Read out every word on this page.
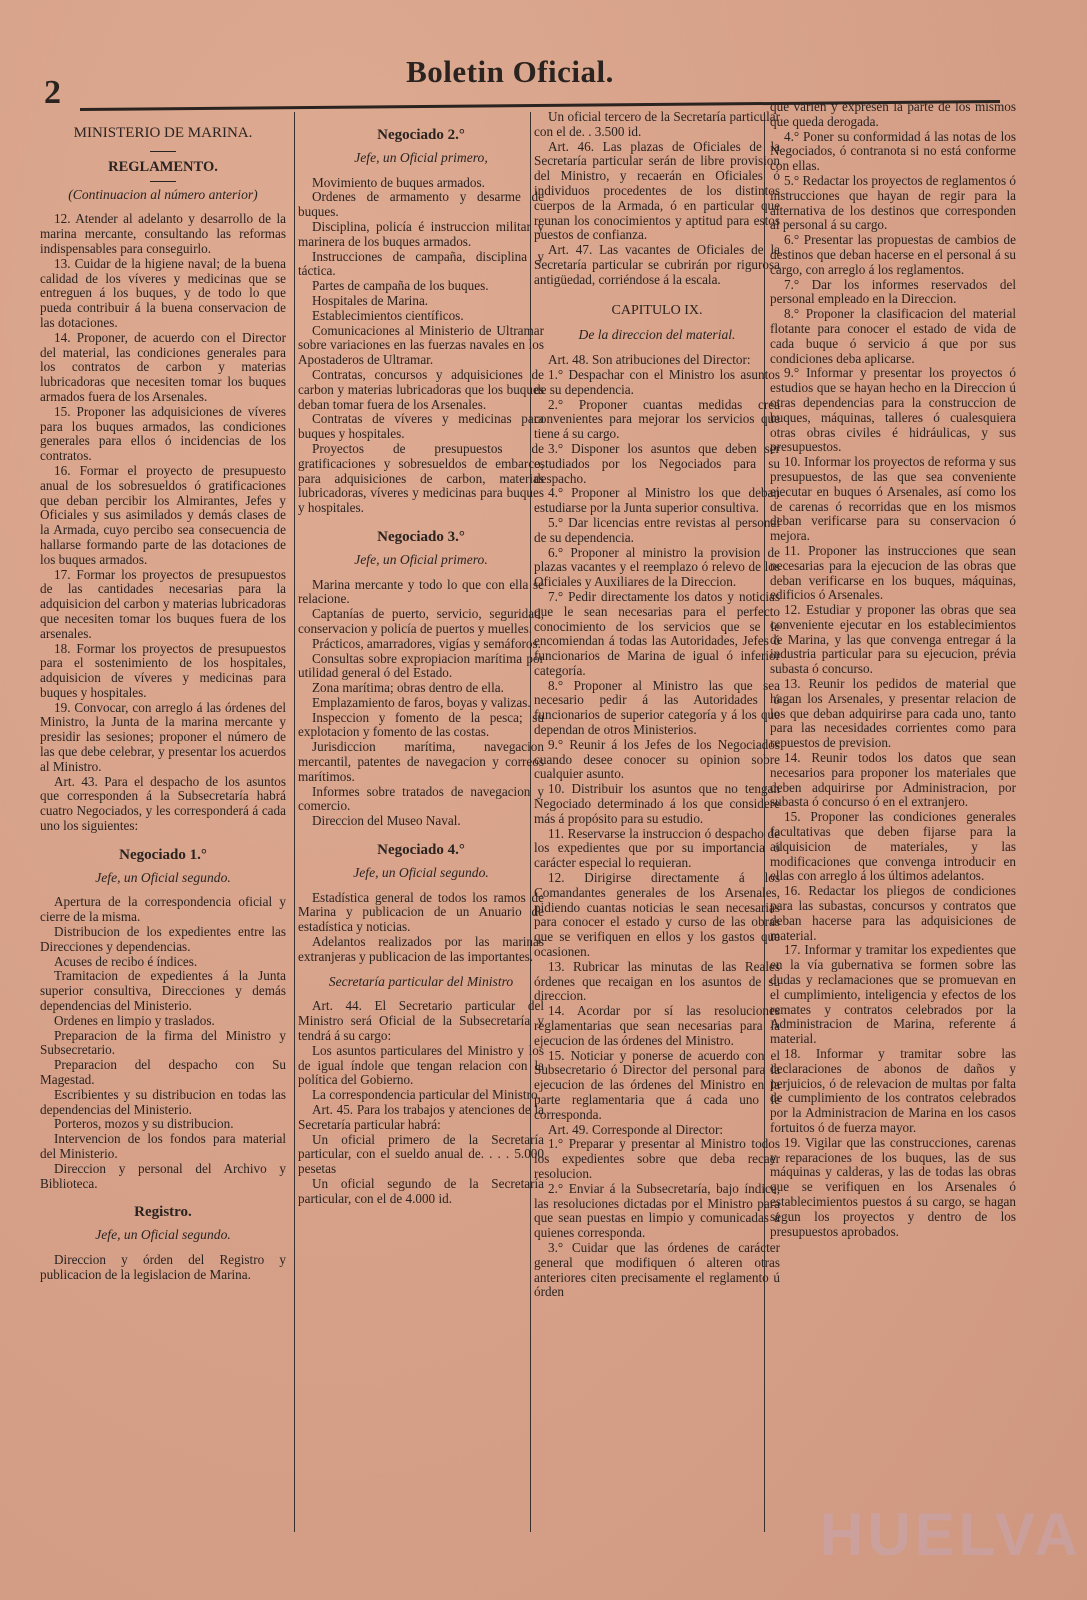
2
Boletin Oficial.
MINISTERIO DE MARINA.
REGLAMENTO.
(Continuacion al número anterior)

12. Atender al adelanto y desarrollo de la marina mercante, consultando las reformas indispensables para conseguirlo.

13. Cuidar de la higiene naval; de la buena calidad de los víveres y medicinas que se entreguen á los buques, y de todo lo que pueda contribuir á la buena conservacion de las dotaciones.

14. Proponer, de acuerdo con el Director del material, las condiciones generales para los contratos de carbon y materias lubricadoras que necesiten tomar los buques armados fuera de los Arsenales.

15. Proponer las adquisiciones de víveres para los buques armados, las condiciones generales para ellos ó incidencias de los contratos.

16. Formar el proyecto de presupuesto anual de los sobresueldos ó gratificaciones que deban percibir los Almirantes, Jefes y Oficiales y sus asimilados y demás clases de la Armada, cuyo percibo sea consecuencia de hallarse formando parte de las dotaciones de los buques armados.

17. Formar los proyectos de presupuestos de las cantidades necesarias para la adquisicion del carbon y materias lubricadoras que necesiten tomar los buques fuera de los arsenales.

18. Formar los proyectos de presupuestos para el sostenimiento de los hospitales, adquisicion de víveres y medicinas para buques y hospitales.

19. Convocar, con arreglo á las órdenes del Ministro, la Junta de la marina mercante y presidir las sesiones; proponer el número de las que debe celebrar, y presentar los acuerdos al Ministro.

Art. 43. Para el despacho de los asuntos que corresponden á la Subsecretaría habrá cuatro Negociados, y les corresponderá á cada uno los siguientes:

Negociado 1.°
Jefe, un Oficial segundo.

Apertura de la correspondencia oficial y cierre de la misma.

Distribucion de los expedientes entre las Direcciones y dependencias.

Acuses de recibo é índices.

Tramitacion de expedientes á la Junta superior consultiva, Direcciones y demás dependencias del Ministerio.

Ordenes en limpio y traslados.

Preparacion de la firma del Ministro y Subsecretario.

Preparacion del despacho con Su Magestad.

Escribientes y su distribucion en todas las dependencias del Ministerio.

Porteros, mozos y su distribucion.

Intervencion de los fondos para material del Ministerio.

Direccion y personal del Archivo y Biblioteca.

Registro.
Jefe, un Oficial segundo.

Direccion y órden del Registro y publicacion de la legislacion de Marina.

Negociado 2.°
Jefe, un Oficial primero,

Movimiento de buques armados.

Ordenes de armamento y desarme de buques.

Disciplina, policía é instruccion militar y marinera de los buques armados.

Instrucciones de campaña, disciplina y táctica.

Partes de campaña de los buques.

Hospitales de Marina.

Establecimientos científicos.

Comunicaciones al Ministerio de Ultramar sobre variaciones en las fuerzas navales en los Apostaderos de Ultramar.

Contratas, concursos y adquisiciones de carbon y materias lubricadoras que los buques deban tomar fuera de los Arsenales.

Contratas de víveres y medicinas para buques y hospitales.

Proyectos de presupuestos de gratificaciones y sobresueldos de embarco, para adquisiciones de carbon, materias lubricadoras, víveres y medicinas para buques y hospitales.

Negociado 3.°
Jefe, un Oficial primero.

Marina mercante y todo lo que con ella se relacione.

Captanías de puerto, servicio, seguridad, conservacion y policía de puertos y muelles.

Prácticos, amarradores, vigías y semáforos.

Consultas sobre expropiacion marítima por utilidad general ó del Estado.

Zona marítima; obras dentro de ella.

Emplazamiento de faros, boyas y valizas.

Inspeccion y fomento de la pesca; su explotacion y fomento de las costas.

Jurisdiccion marítima, navegacion mercantil, patentes de navegacion y correos marítimos.

Informes sobre tratados de navegacion y comercio.

Direccion del Museo Naval.

Negociado 4.°
Jefe, un Oficial segundo.

Estadística general de todos los ramos de Marina y publicacion de un Anuario de estadística y noticias.

Adelantos realizados por las marinas extranjeras y publicacion de las importantes.

Secretaría particular del Ministro

Art. 44. El Secretario particular del Ministro será Oficial de la Subsecretaría y tendrá á su cargo:

Los asuntos particulares del Ministro y los de igual índole que tengan relacion con la política del Gobierno.

La correspondencia particular del Ministro.

Art. 45. Para los trabajos y atenciones de la Secretaría particular habrá:

Un oficial primero de la Secretaría particular, con el sueldo anual de. . . . 5.000 pesetas

Un oficial segundo de la Secretaría particular, con el de 4.000 id.

Un oficial tercero de la Secretaría particular con el de. . 3.500 id.

Art. 46. Las plazas de Oficiales de la Secretaría particular serán de libre provision del Ministro, y recaerán en Oficiales ó individuos procedentes de los distintos cuerpos de la Armada, ó en particular que reunan los conocimientos y aptitud para estos puestos de confianza.

Art. 47. Las vacantes de Oficiales de la Secretaría particular se cubrirán por rigurosa antigüedad, corriéndose á la escala.

CAPITULO IX.
De la direccion del material.

Art. 48. Son atribuciones del Director:

1.° Despachar con el Ministro los asuntos de su dependencia.

2.° Proponer cuantas medidas crea convenientes para mejorar los servicios que tiene á su cargo.

3.° Disponer los asuntos que deben ser estudiados por los Negociados para su despacho.

4.° Proponer al Ministro los que deban estudiarse por la Junta superior consultiva.

5.° Dar licencias entre revistas al personal de su dependencia.

6.° Proponer al ministro la provision de plazas vacantes y el reemplazo ó relevo de los Oficiales y Auxiliares de la Direccion.

7.° Pedir directamente los datos y noticias que le sean necesarias para el perfecto conocimiento de los servicios que se le encomiendan á todas las Autoridades, Jefes ó funcionarios de Marina de igual ó inferior categoría.

8.° Proponer al Ministro las que sea necesario pedir á las Autoridades ó funcionarios de superior categoría y á los que dependan de otros Ministerios.

9.° Reunir á los Jefes de los Negociados cuando desee conocer su opinion sobre cualquier asunto.

10. Distribuir los asuntos que no tengan Negociado determinado á los que considere más á propósito para su estudio.

11. Reservarse la instruccion ó despacho de los expedientes que por su importancia ó carácter especial lo requieran.

12. Dirigirse directamente á los Comandantes generales de los Arsenales, pidiendo cuantas noticias le sean necesarias para conocer el estado y curso de las obras que se verifiquen en ellos y los gastos que ocasionen.

13. Rubricar las minutas de las Reales órdenes que recaigan en los asuntos de su direccion.

14. Acordar por sí las resoluciones reglamentarias que sean necesarias para la ejecucion de las órdenes del Ministro.

15. Noticiar y ponerse de acuerdo con el Subsecretario ó Director del personal para la ejecucion de las órdenes del Ministro en la parte reglamentaria que á cada uno le corresponda.

Art. 49. Corresponde al Director:

1.° Preparar y presentar al Ministro todos los expedientes sobre que deba recaer resolucion.

2.° Enviar á la Subsecretaría, bajo índice, las resoluciones dictadas por el Ministro para que sean puestas en limpio y comunicadas á quienes corresponda.

3.° Cuidar que las órdenes de carácter general que modifiquen ó alteren otras anteriores citen precisamente el reglamento ú órden

que varien y expresen la parte de los mismos que queda derogada.

4.° Poner su conformidad á las notas de los Negociados, ó contranota si no está conforme con ellas.

5.° Redactar los proyectos de reglamentos ó instrucciones que hayan de regir para la alternativa de los destinos que corresponden al personal á su cargo.

6.° Presentar las propuestas de cambios de destinos que deban hacerse en el personal á su cargo, con arreglo á los reglamentos.

7.° Dar los informes reservados del personal empleado en la Direccion.

8.° Proponer la clasificacion del material flotante para conocer el estado de vida de cada buque ó servicio á que por sus condiciones deba aplicarse.

9.° Informar y presentar los proyectos ó estudios que se hayan hecho en la Direccion ú otras dependencias para la construccion de buques, máquinas, talleres ó cualesquiera otras obras civiles é hidráulicas, y sus presupuestos.

10. Informar los proyectos de reforma y sus presupuestos, de las que sea conveniente ejecutar en buques ó Arsenales, así como los de carenas ó recorridas que en los mismos deban verificarse para su conservacion ó mejora.

11. Proponer las instrucciones que sean necesarias para la ejecucion de las obras que deban verificarse en los buques, máquinas, edificios ó Arsenales.

12. Estudiar y proponer las obras que sea conveniente ejecutar en los establecimientos de Marina, y las que convenga entregar á la industria particular para su ejecucion, prévia subasta ó concurso.

13. Reunir los pedidos de material que hagan los Arsenales, y presentar relacion de los que deban adquirirse para cada uno, tanto para las necesidades corrientes como para repuestos de prevision.

14. Reunir todos los datos que sean necesarios para proponer los materiales que deben adquirirse por Administracion, por subasta ó concurso ó en el extranjero.

15. Proponer las condiciones generales facultativas que deben fijarse para la adquisicion de materiales, y las modificaciones que convenga introducir en ellas con arreglo á los últimos adelantos.

16. Redactar los pliegos de condiciones para las subastas, concursos y contratos que deban hacerse para las adquisiciones de material.

17. Informar y tramitar los expedientes que en la vía gubernativa se formen sobre las dudas y reclamaciones que se promuevan en el cumplimiento, inteligencia y efectos de los remates y contratos celebrados por la Administracion de Marina, referente á material.

18. Informar y tramitar sobre las declaraciones de abonos de daños y perjuicios, ó de relevacion de multas por falta de cumplimiento de los contratos celebrados por la Administracion de Marina en los casos fortuitos ó de fuerza mayor.

19. Vigilar que las construcciones, carenas y reparaciones de los buques, las de sus máquinas y calderas, y las de todas las obras que se verifiquen en los Arsenales ó establecimientos puestos á su cargo, se hagan segun los proyectos y dentro de los presupuestos aprobados.

HUELVA
